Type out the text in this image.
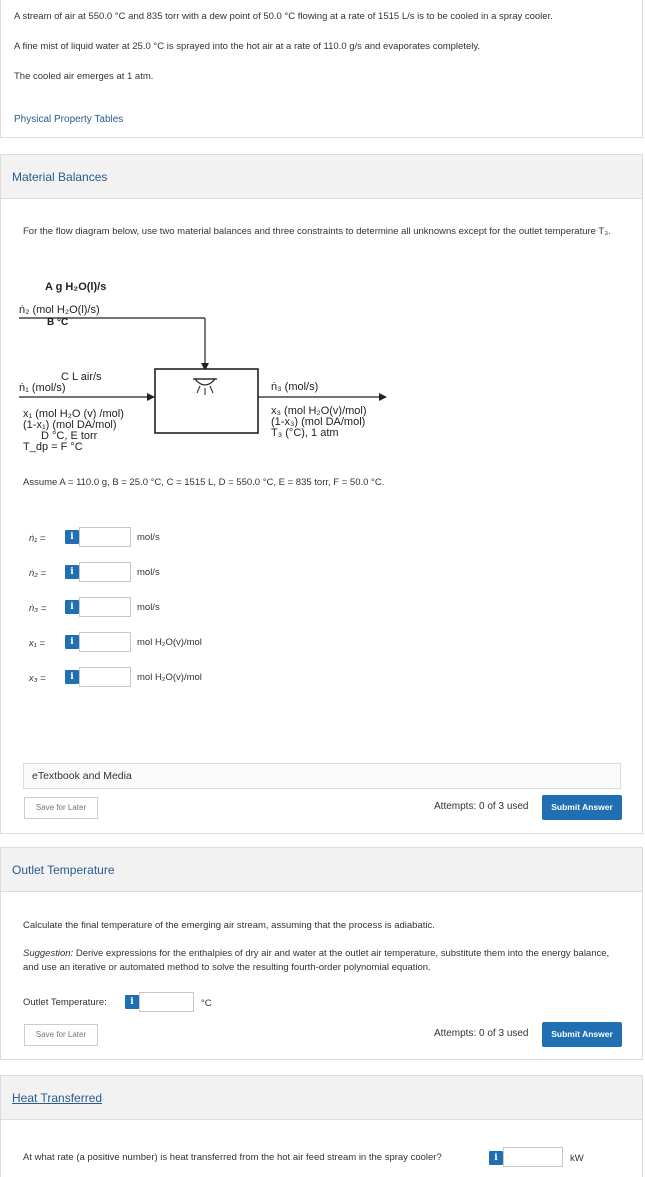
A stream of air at 550.0 °C and 835 torr with a dew point of 50.0 °C flowing at a rate of 1515 L/s is to be cooled in a spray cooler.
A fine mist of liquid water at 25.0 °C is sprayed into the hot air at a rate of 110.0 g/s and evaporates completely.
The cooled air emerges at 1 atm.
Physical Property Tables
Material Balances
For the flow diagram below, use two material balances and three constraints to determine all unknowns except for the outlet temperature T₃.
A g H₂O(l)/s
ṅ₂ (mol H₂O(l)/s)
B °C
C L air/s
ṅ₁ (mol/s)
x₁ (mol H₂O (v) /mol)
(1-x₁) (mol DA/mol)
D °C, E torr
T_dp = F °C
ṅ₃ (mol/s)
x₃ (mol H₂O(v)/mol)
(1-x₃) (mol DA/mol)
T₃ (°C), 1 atm
Assume A = 110.0 g, B = 25.0 °C, C = 1515 L, D = 550.0 °C, E = 835 torr, F = 50.0 °C.
ṅ₁ =	i	mol/s
ṅ₂ =	i	mol/s
ṅ₃ =	i	mol/s
x₁ =	i	mol H₂O(v)/mol
x₃ =	i	mol H₂O(v)/mol
eTextbook and Media
Save for Later	Attempts: 0 of 3 used	Submit Answer
Outlet Temperature
Calculate the final temperature of the emerging air stream, assuming that the process is adiabatic.
Suggestion: Derive expressions for the enthalpies of dry air and water at the outlet air temperature, substitute them into the energy balance, and use an iterative or automated method to solve the resulting fourth-order polynomial equation.
Outlet Temperature:	i	°C
Save for Later	Attempts: 0 of 3 used	Submit Answer
Heat Transferred
At what rate (a positive number) is heat transferred from the hot air feed stream in the spray cooler?	i	kW
